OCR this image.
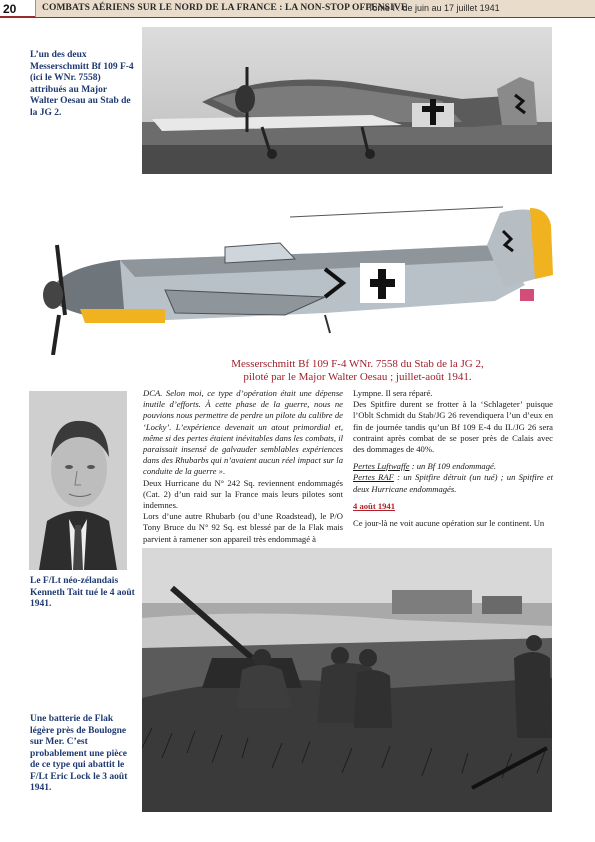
20	COMBATS AÉRIENS SUR LE NORD DE LA FRANCE : LA NON-STOP OFFENSIVE
Tome I : de juin au 17 juillet 1941
L’un des deux Messerschmitt Bf 109 F-4 (ici le WNr. 7558) attribués au Major Walter Oesau au Stab de la JG 2.
Messerschmitt Bf 109 F-4 WNr. 7558 du Stab de la JG 2,
piloté par le Major Walter Oesau ; juillet-août 1941.
Le F/Lt néo-zélandais Kenneth Tait tué le 4 août 1941.

DCA. Selon moi, ce type d’opération était une dépense inutile d’efforts. À cette phase de la guerre, nous ne pouvions nous permettre de perdre un pilote du calibre de ‘Locky’. L’expérience devenait un atout primordial et, même si des pertes étaient inévitables dans les combats, il paraissait insensé de galvauder semblables expériences dans des Rhubarbs qui n’avaient aucun réel impact sur la conduite de la guerre ».

Deux Hurricane du N° 242 Sq. reviennent endommagés (Cat. 2) d’un raid sur la France mais leurs pilotes sont indemnes.

Lors d’une autre Rhubarb (ou d’une Roadstead), le P/O Tony Bruce du N° 92 Sq. est blessé par de la Flak mais parvient à ramener son appareil très endommagé à

Lympne. Il sera réparé.

Des Spitfire durent se frotter à la ‘Schlageter’ puisque l’Oblt Schmidt du Stab/JG 26 revendiquera l’un d’eux en fin de journée tandis qu’un Bf 109 E-4 du II./JG 26 sera contraint après combat de se poser près de Calais avec des dommages de 40%.

Pertes Luftwaffe : un Bf 109 endommagé.

Pertes RAF : un Spitfire détruit (un tué) ; un Spitfire et deux Hurricane endommagés.

4 août 1941

Ce jour-là ne voit aucune opération sur le continent. Un

Une batterie de Flak légère près de Boulogne sur Mer. C’est probablement une pièce de ce type qui abattit le F/Lt Eric Lock le 3 août 1941.
